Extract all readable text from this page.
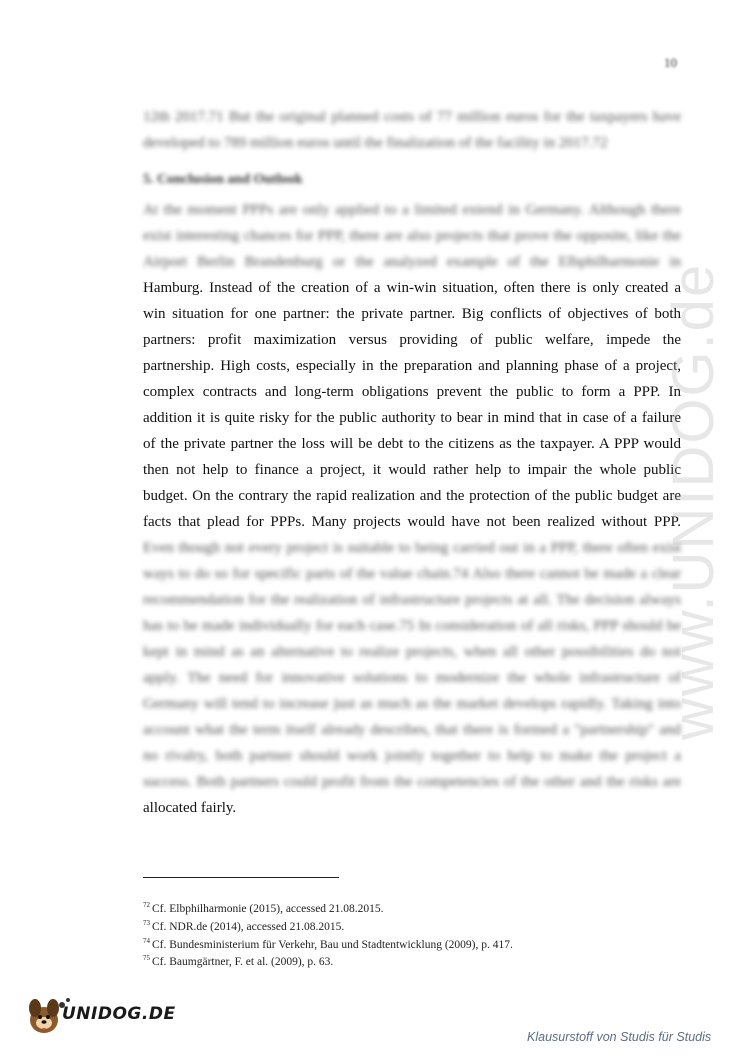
10
12th 2017.71 But the original planned costs of 77 million euros for the taxpayers have
developed to 789 million euros until the finalization of the facility in 2017.72
5. Conclusion and Outlook
At the moment PPPs are only applied to a limited extend in Germany. Although there
exist interesting chances for PPP, there are also projects that prove the opposite, like the
Airport Berlin Brandenburg or the analyzed example of the Elbphilharmonie in
Hamburg. Instead of the creation of a win-win situation, often there is only created a
win situation for one partner: the private partner. Big conflicts of objectives of both
partners: profit maximization versus providing of public welfare, impede the
partnership. High costs, especially in the preparation and planning phase of a project,
complex contracts and long-term obligations prevent the public to form a PPP. In
addition it is quite risky for the public authority to bear in mind that in case of a failure
of the private partner the loss will be debt to the citizens as the taxpayer. A PPP would
then not help to finance a project, it would rather help to impair the whole public
budget. On the contrary the rapid realization and the protection of the public budget are
facts that plead for PPPs. Many projects would have not been realized without PPP.
Even though not every project is suitable to being carried out in a PPP, there often exist
ways to do so for specific parts of the value chain.74 Also there cannot be made a clear
recommendation for the realization of infrastructure projects at all. The decision always
has to be made individually for each case.75 In consideration of all risks, PPP should be
kept in mind as an alternative to realize projects, when all other possibilities do not
apply. The need for innovative solutions to modernize the whole infrastructure of
Germany will tend to increase just as much as the market develops rapidly. Taking into
account what the term itself already describes, that there is formed a "partnership" and
no rivalry, both partner should work jointly together to help to make the project a
success. Both partners could profit from the competencies of the other and the risks are
allocated fairly.
$^{72}$ Cf. Elbphilharmonie (2015), accessed 21.08.2015.
$^{73}$ Cf. NDR.de (2014), accessed 21.08.2015.
$^{74}$ Cf. Bundesministerium für Verkehr, Bau und Stadtentwicklung (2009), p. 417.
$^{75}$ Cf. Baumgärtner, F. et al. (2009), p. 63.
www.UNIDOG.de
UNIDOG.DE
Klausurstoff von Studis für Studis
